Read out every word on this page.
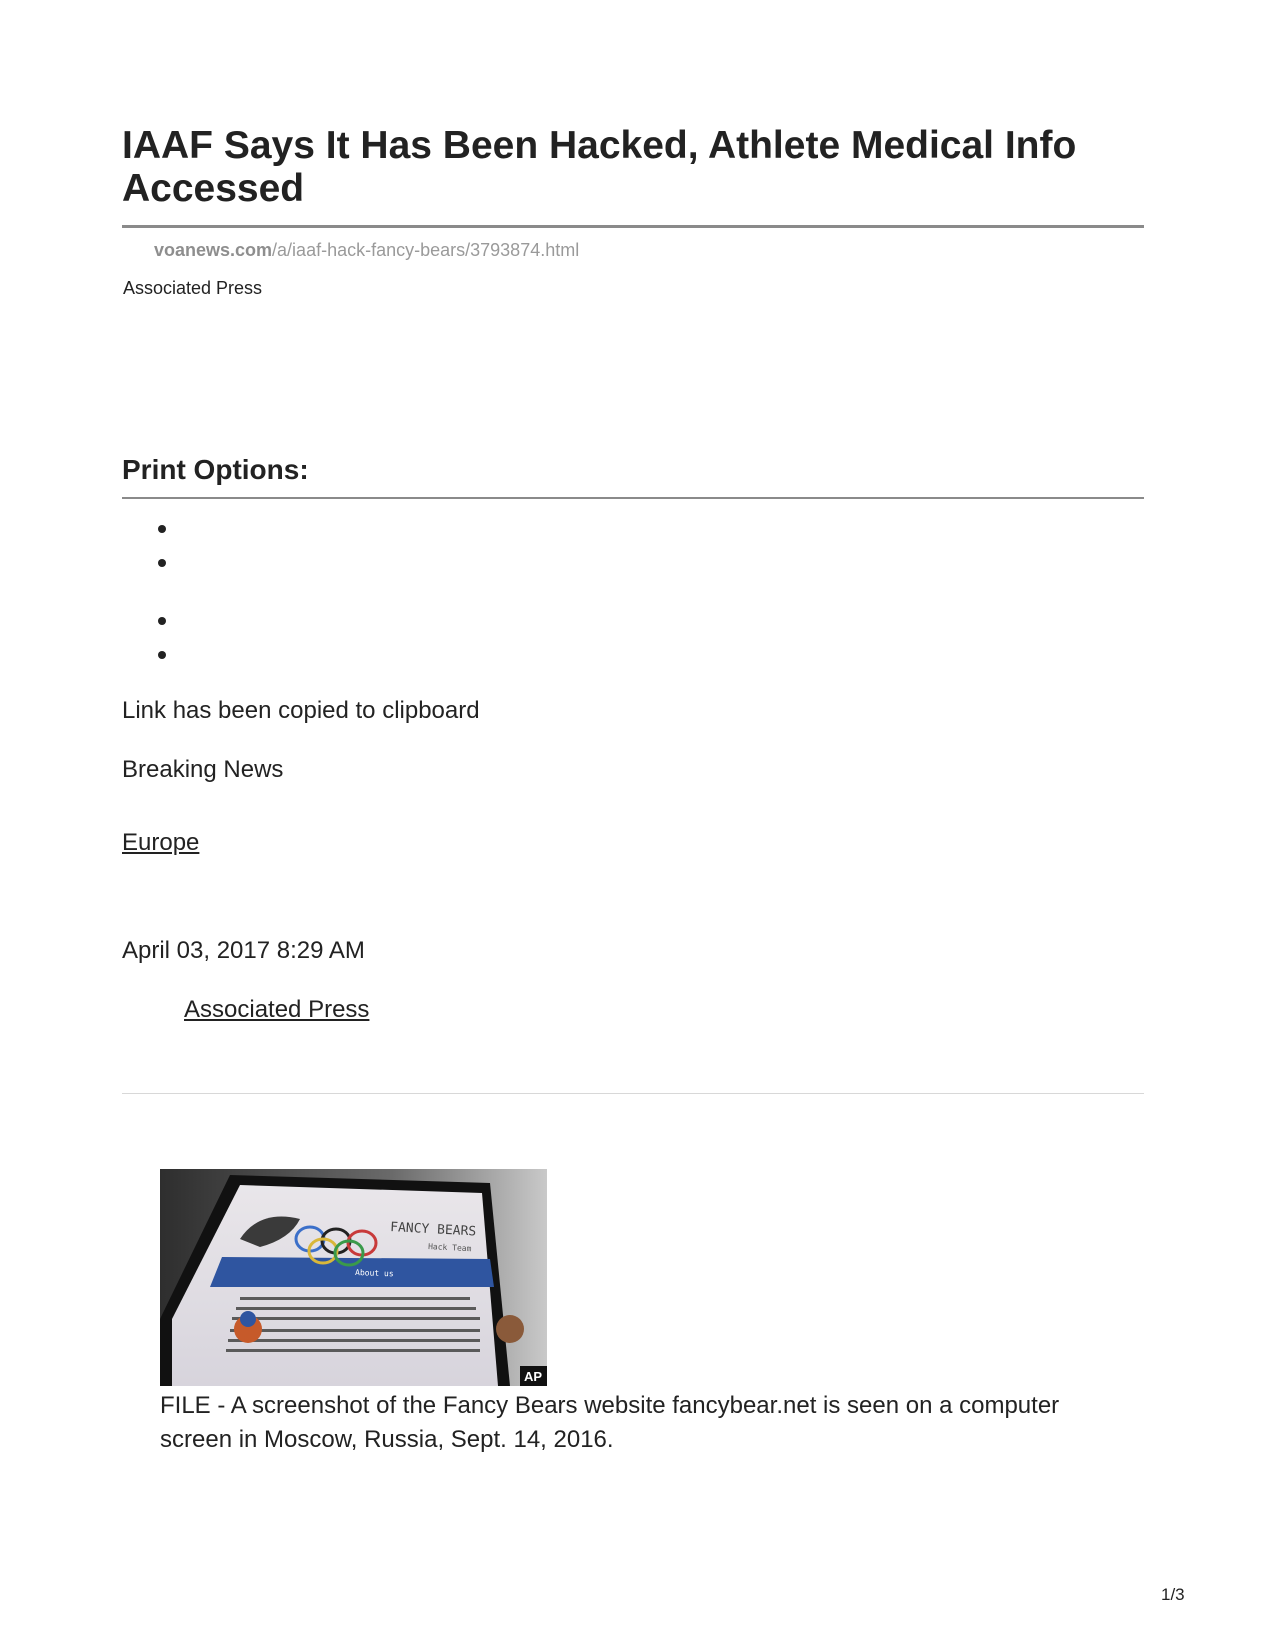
IAAF Says It Has Been Hacked, Athlete Medical Info Accessed
voanews.com/a/iaaf-hack-fancy-bears/3793874.html
Associated Press
Print Options:
Link has been copied to clipboard
Breaking News
Europe
April 03, 2017 8:29 AM
Associated Press
FANCY BEARS
Hack Team
About us
AP
FILE - A screenshot of the Fancy Bears website fancybear.net is seen on a computer screen in Moscow, Russia, Sept. 14, 2016.
1/3
